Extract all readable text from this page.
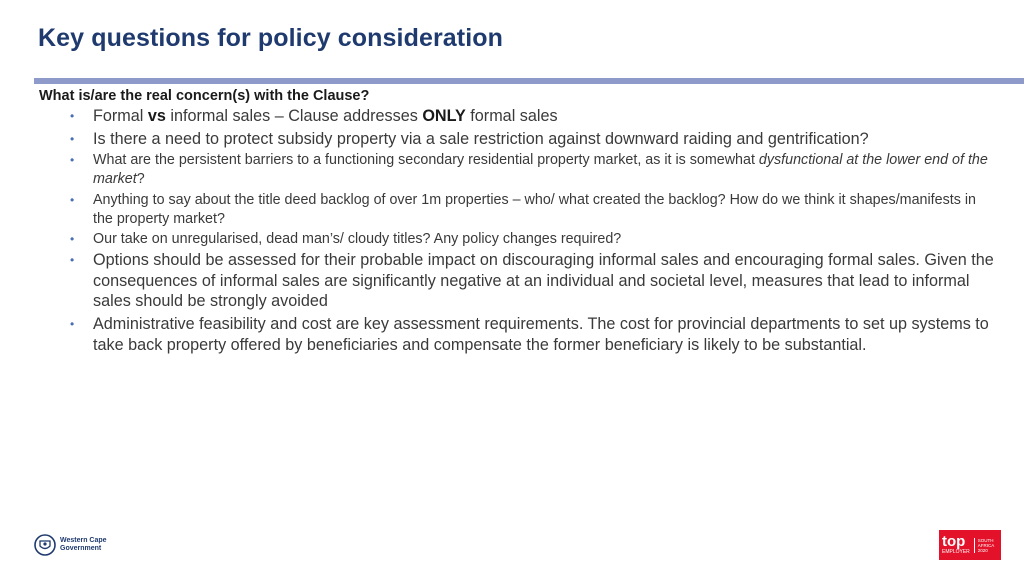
Key questions for policy consideration
What is/are the real concern(s) with the Clause?
• Formal vs informal sales – Clause addresses ONLY formal sales
• Is there a need to protect subsidy property via a sale restriction against downward raiding and gentrification?
• What are the persistent barriers to a functioning secondary residential property market, as it is somewhat dysfunctional at the lower end of the market?
• Anything to say about the title deed backlog of over 1m properties – who/ what created the backlog? How do we think it shapes/manifests in the property market?
• Our take on unregularised, dead man’s/ cloudy titles? Any policy changes required?
• Options should be assessed for their probable impact on discouraging informal sales and encouraging formal sales. Given the consequences of informal sales are significantly negative at an individual and societal level, measures that lead to informal sales should be strongly avoided
• Administrative feasibility and cost are key assessment requirements. The cost for provincial departments to set up systems to take back property offered by beneficiaries and compensate the former beneficiary is likely to be substantial.
Western Cape
Government	top
EMPLOYER
SOUTH
AFRICA
2020
